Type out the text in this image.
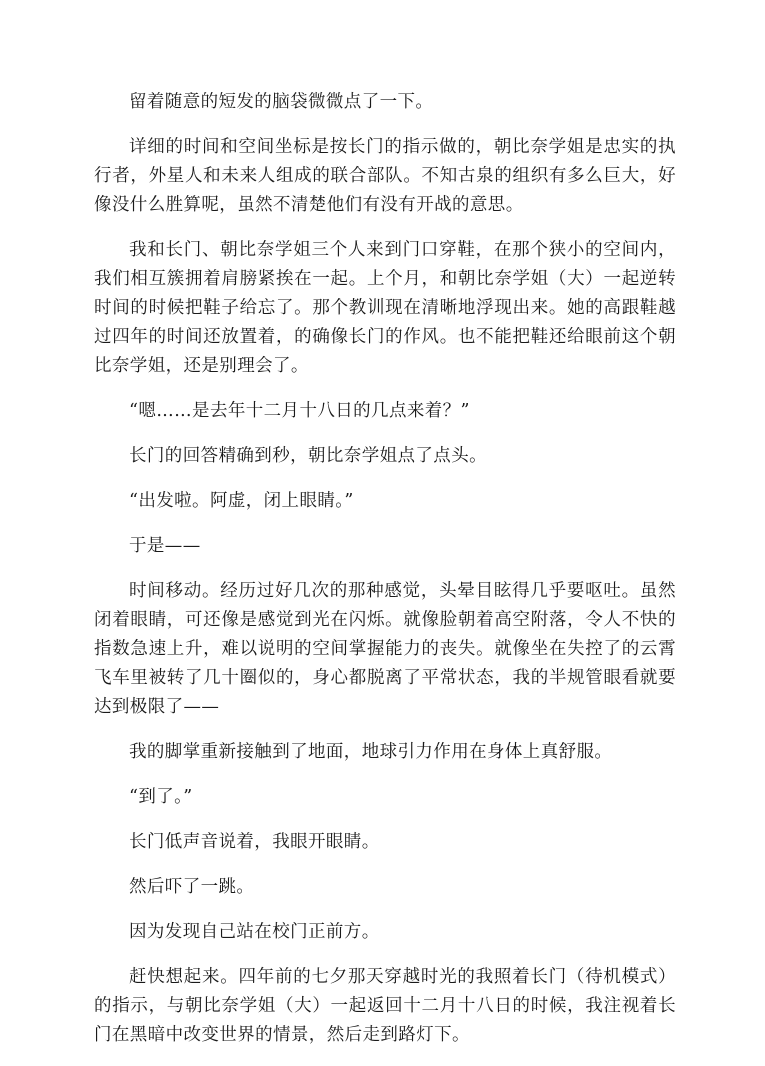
留着随意的短发的脑袋微微点了一下。

详细的时间和空间坐标是按长门的指示做的，朝比奈学姐是忠实的执行者，外星人和未来人组成的联合部队。不知古泉的组织有多么巨大，好像没什么胜算呢，虽然不清楚他们有没有开战的意思。

我和长门、朝比奈学姐三个人来到门口穿鞋，在那个狭小的空间内，我们相互簇拥着肩膀紧挨在一起。上个月，和朝比奈学姐（大）一起逆转时间的时候把鞋子给忘了。那个教训现在清晰地浮现出来。她的高跟鞋越过四年的时间还放置着，的确像长门的作风。也不能把鞋还给眼前这个朝比奈学姐，还是别理会了。

“嗯……是去年十二月十八日的几点来着？”

长门的回答精确到秒，朝比奈学姐点了点头。

“出发啦。阿虚，闭上眼睛。”

于是——

时间移动。经历过好几次的那种感觉，头晕目眩得几乎要呕吐。虽然闭着眼睛，可还像是感觉到光在闪烁。就像脸朝着高空附落，令人不快的指数急速上升，难以说明的空间掌握能力的丧失。就像坐在失控了的云霄飞车里被转了几十圈似的，身心都脱离了平常状态，我的半规管眼看就要达到极限了——

我的脚掌重新接触到了地面，地球引力作用在身体上真舒服。

“到了。”

长门低声音说着，我眼开眼睛。

然后吓了一跳。

因为发现自己站在校门正前方。

赶快想起来。四年前的七夕那天穿越时光的我照着长门（待机模式）的指示，与朝比奈学姐（大）一起返回十二月十八日的时候，我注视着长门在黑暗中改变世界的情景，然后走到路灯下。
